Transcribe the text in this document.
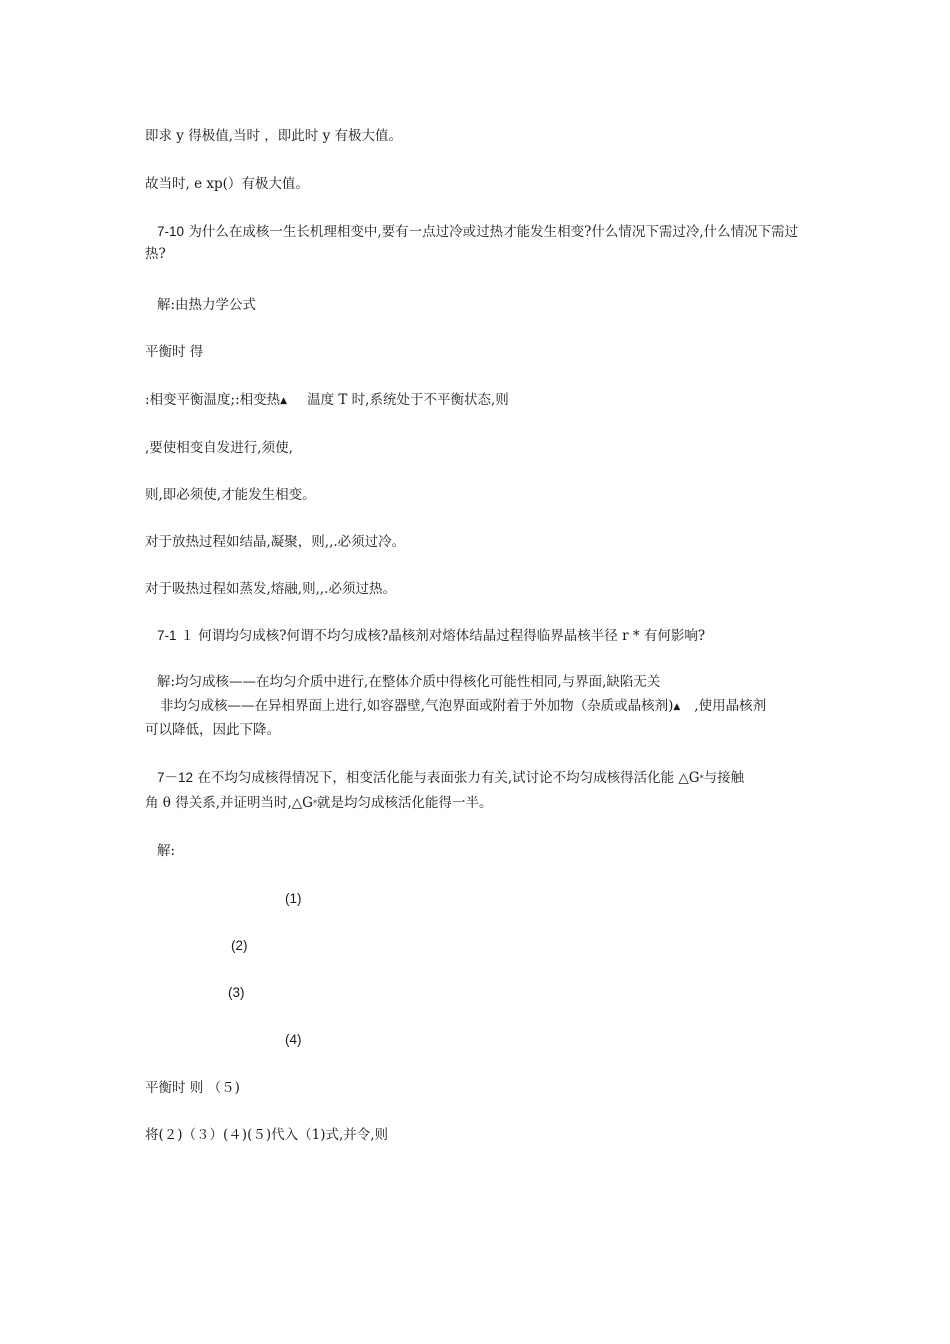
即求 y 得极值,当时 ，即此时 y 有极大值。
故当时, e xp(）有极大值。
7-10 为什么在成核一生长机理相变中,要有一点过冷或过热才能发生相变?什么情况下需过冷,什么情况下需过热?
解:由热力学公式
平衡时 得
:相变平衡温度;:相变热▲ 温度 T 时,系统处于不平衡状态,则
,要使相变自发进行,须使,
则,即必须使,才能发生相变。
对于放热过程如结晶,凝聚，则,,.必须过冷。
对于吸热过程如蒸发,熔融,则,,.必须过热。
7-1 １ 何谓均匀成核?何谓不均匀成核?晶核剂对熔体结晶过程得临界晶核半径 r * 有何影响?
解:均匀成核——在均匀介质中进行,在整体介质中得核化可能性相同,与界面,缺陷无关
非均匀成核——在异相界面上进行,如容器壁,气泡界面或附着于外加物（杂质或晶核剂)▲ ,使用晶核剂
可以降低，因此下降。
7－12 在不均匀成核得情况下，相变活化能与表面张力有关,试讨论不均匀成核得活化能 △G*与接触
角 θ 得关系,并证明当时,△G*就是均匀成核活化能得一半。
解:
(1)
(2)
(3)
(4)
平衡时 则 （５)
将(２)（３）(４)(５)代入（1)式,并令,则
